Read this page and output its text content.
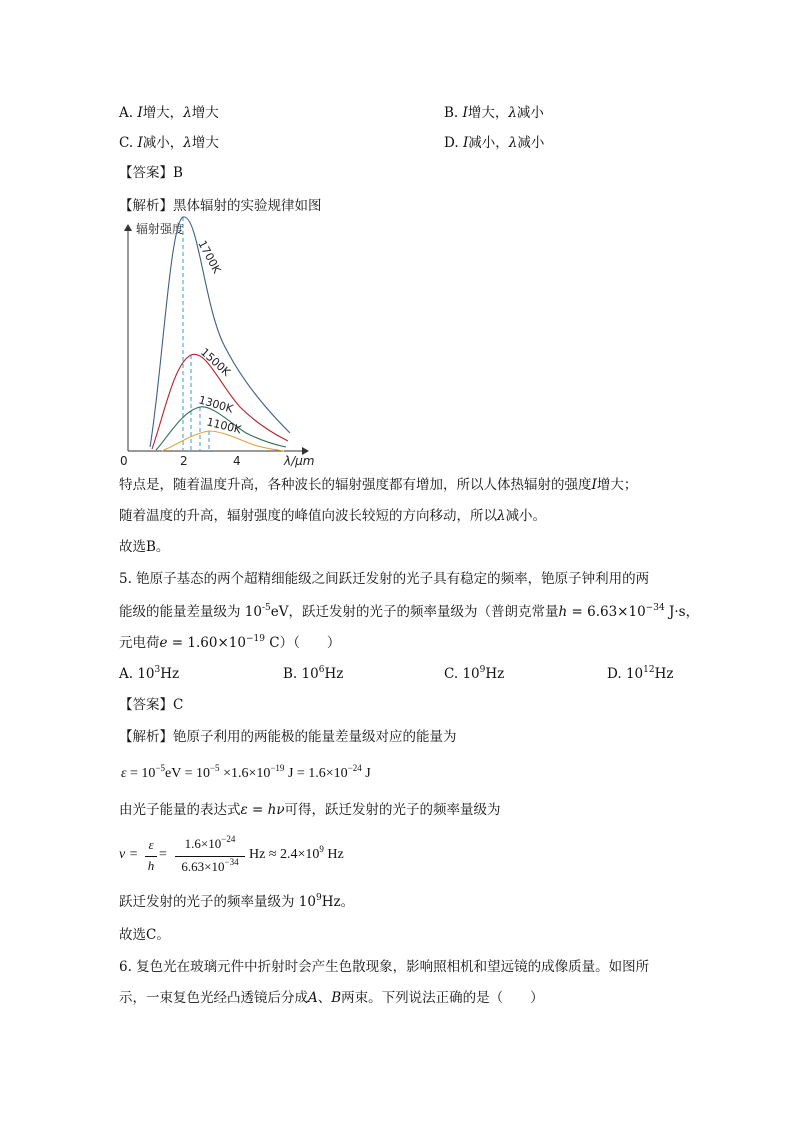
A. I增大，λ增大	B. I增大，λ减小
C. I减小，λ增大	D. I减小，λ减小
【答案】B
【解析】黑体辐射的实验规律如图
辐射强度
0	2	4	λ/μm
1700K
1500K
1300K
1100K
特点是，随着温度升高，各种波长的辐射强度都有增加，所以人体热辐射的强度I增大；
随着温度的升高，辐射强度的峰值向波长较短的方向移动，所以λ减小。
故选B。
5. 铯原子基态的两个超精细能级之间跃迁发射的光子具有稳定的频率，铯原子钟利用的两
能级的能量差量级为 $10^{-5}eV$，跃迁发射的光子的频率量级为（普朗克常量$h = 6.63\times 10^{-34}$ J·s，
元电荷$e = 1.60\times 10^{-19}$ C）（　　）
A. $10^3Hz$	B. $10^6Hz$	C. $10^9Hz$	D. $10^{12}Hz$
【答案】C
【解析】铯原子利用的两能极的能量差量级对应的能量为
$\varepsilon = 10^{-5}eV = 10^{-5} \times 1.6\times 10^{-19}$ $J = 1.6\times 10^{-24}$ J
由光子能量的表达式ε = hν可得，跃迁发射的光子的频率量级为
ν =
ε
h
=
$1.6\times 10^{-24}$
$6.63\times 10^{-34}$ $Hz \approx 2.4\times 10^9$ Hz
跃迁发射的光子的频率量级为 $10^9Hz$。
故选C。
6. 复色光在玻璃元件中折射时会产生色散现象，影响照相机和望远镜的成像质量。如图所
示，一束复色光经凸透镜后分成A、B两束。下列说法正确的是（　　）
